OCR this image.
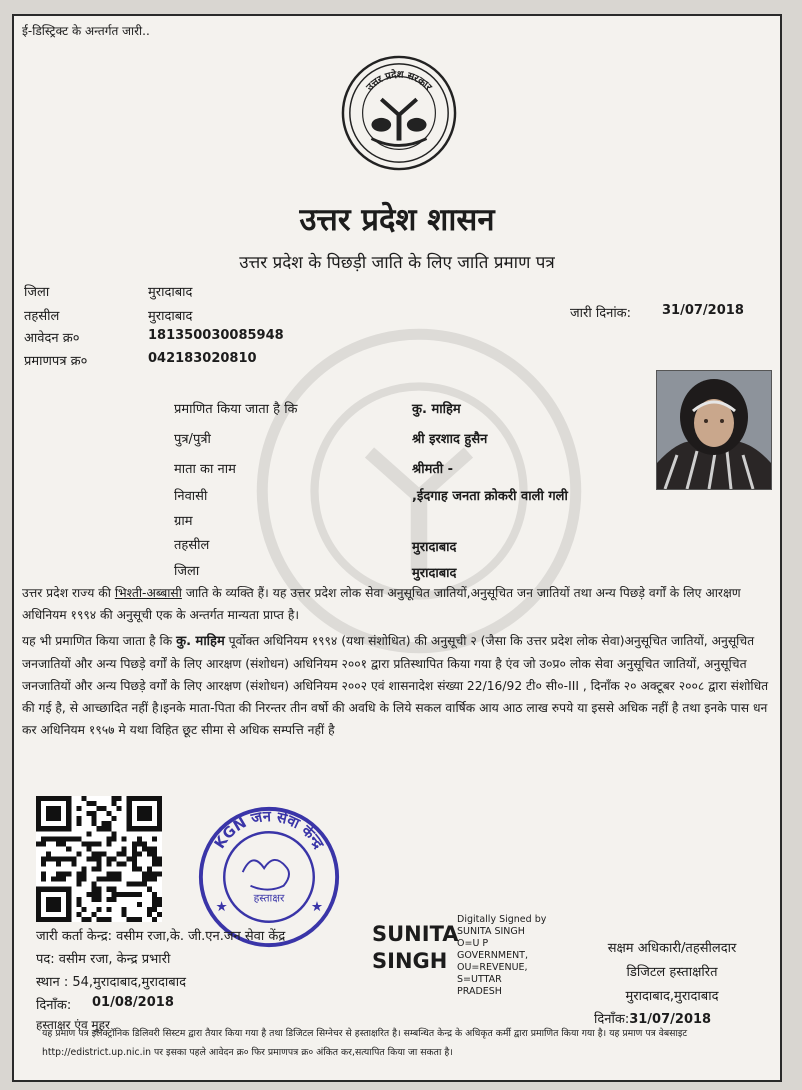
ई-डिस्ट्रिक्ट के अन्तर्गत जारी..
उत्तर प्रदेश सरकार
उत्तर प्रदेश शासन
उत्तर प्रदेश के पिछड़ी जाति के लिए जाति प्रमाण पत्र
जिला	मुरादाबाद
तहसील	मुरादाबाद
आवेदन क्र०	181350030085948
प्रमाणपत्र क्र०	042183020810
जारी दिनांक: 31/07/2018
प्रमाणित किया जाता है कि	कु. माहिम
पुत्र/पुत्री	श्री इरशाद हुसैन
माता का नाम	श्रीमती -
निवासी	,ईदगाह जनता क्रोकरी वाली गली
ग्राम
तहसील	मुरादाबाद
जिला	मुरादाबाद
उत्तर प्रदेश राज्य की भिश्ती-अब्बासी जाति के व्यक्ति हैं। यह उत्तर प्रदेश लोक सेवा अनुसूचित जातियों,अनुसूचित जन जातियों तथा अन्य पिछड़े वर्गों के लिए आरक्षण अधिनियम १९९४ की अनुसूची एक के अन्तर्गत मान्यता प्राप्त है।
यह भी प्रमाणित किया जाता है कि कु. माहिम पूर्वोक्त अधिनियम १९९४ (यथा संशोधित) की अनुसूची २ (जैसा कि उत्तर प्रदेश लोक सेवा)अनुसूचित जातियों, अनुसूचित जनजातियों और अन्य पिछड़े वर्गों के लिए आरक्षण (संशोधन) अधिनियम २००१ द्वारा प्रतिस्थापित किया गया है एंव जो उ०प्र० लोक सेवा अनुसूचित जातियों, अनुसूचित जनजातियों और अन्य पिछड़े वर्गों के लिए आरक्षण (संशोधन) अधिनियम २००२ एवं शासनादेश संख्या 22/16/92 टी० सी०-III , दिनाँक २० अक्टूबर २००८ द्वारा संशोधित की गई है, से आच्छादित नहीं है।इनके माता-पिता की निरन्तर तीन वर्षो की अवधि के लिये सकल वार्षिक आय आठ लाख रुपये या इससे अधिक नहीं है तथा इनके पास धन कर अधिनियम १९५७ मे यथा विहित छूट सीमा से अधिक सम्पत्ति नहीं है
KGN जन सेवा केन्द्र
हस्ताक्षर
★	★
जारी कर्ता केन्द्र: वसीम रजा,के. जी.एन.जन सेवा केंद्र
पद: वसीम रजा, केन्द्र प्रभारी
स्थान : 54,मुरादाबाद,मुरादाबाद
दिनाँक: 01/08/2018
हस्ताक्षर एंव मुहर
SUNITA
SINGH
Digitally Signed by
SUNITA SINGH
O=U P
GOVERNMENT,
OU=REVENUE,
S=UTTAR
PRADESH
सक्षम अधिकारी/तहसीलदार
डिजिटल हस्ताक्षरित
मुरादाबाद,मुरादाबाद
दिनाँक:31/07/2018
यह प्रमाण पत्र इलेक्ट्रॉनिक डिलिवरी सिस्टम द्वारा तैयार किया गया है तथा डिजिटल सिग्नेचर से हस्ताक्षरित है। सम्बन्धित केन्द्र के अधिकृत कर्मी द्वारा प्रमाणित किया गया है। यह प्रमाण पत्र वेबसाइट http://edistrict.up.nic.in पर इसका पहले आवेदन क्र० फिर प्रमाणपत्र क्र० अंकित कर,सत्यापित किया जा सकता है।
